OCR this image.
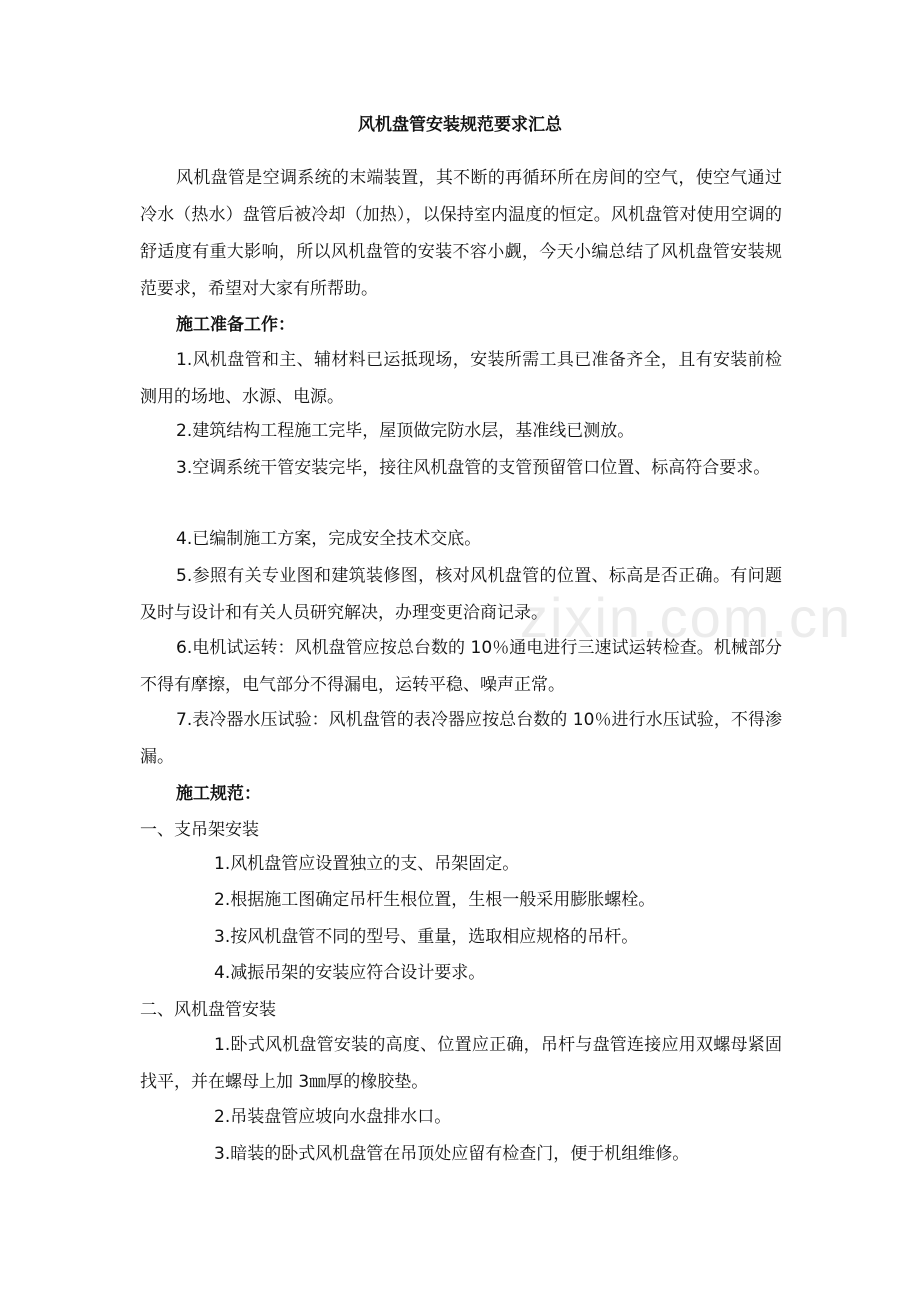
zixin.com.cn
风机盘管安装规范要求汇总

风机盘管是空调系统的末端装置，其不断的再循环所在房间的空气，使空气通过冷水（热水）盘管后被冷却（加热），以保持室内温度的恒定。风机盘管对使用空调的舒适度有重大影响，所以风机盘管的安装不容小觑，今天小编总结了风机盘管安装规范要求，希望对大家有所帮助。

施工准备工作：

1.风机盘管和主、辅材料已运抵现场，安装所需工具已准备齐全，且有安装前检测用的场地、水源、电源。

2.建筑结构工程施工完毕，屋顶做完防水层，基准线已测放。

3.空调系统干管安装完毕，接往风机盘管的支管预留管口位置、标高符合要求。

4.已编制施工方案，完成安全技术交底。

5.参照有关专业图和建筑装修图，核对风机盘管的位置、标高是否正确。有问题及时与设计和有关人员研究解决，办理变更洽商记录。

6.电机试运转：风机盘管应按总台数的 10％通电进行三速试运转检查。机械部分不得有摩擦，电气部分不得漏电，运转平稳、噪声正常。

7.表冷器水压试验：风机盘管的表冷器应按总台数的 10％进行水压试验，不得渗漏。

施工规范：
一、支吊架安装

1.风机盘管应设置独立的支、吊架固定。

2.根据施工图确定吊杆生根位置，生根一般采用膨胀螺栓。

3.按风机盘管不同的型号、重量，选取相应规格的吊杆。

4.减振吊架的安装应符合设计要求。

二、风机盘管安装

1.卧式风机盘管安装的高度、位置应正确，吊杆与盘管连接应用双螺母紧固找平，并在螺母上加 3㎜厚的橡胶垫。

2.吊装盘管应坡向水盘排水口。

3.暗装的卧式风机盘管在吊顶处应留有检查门，便于机组维修。
